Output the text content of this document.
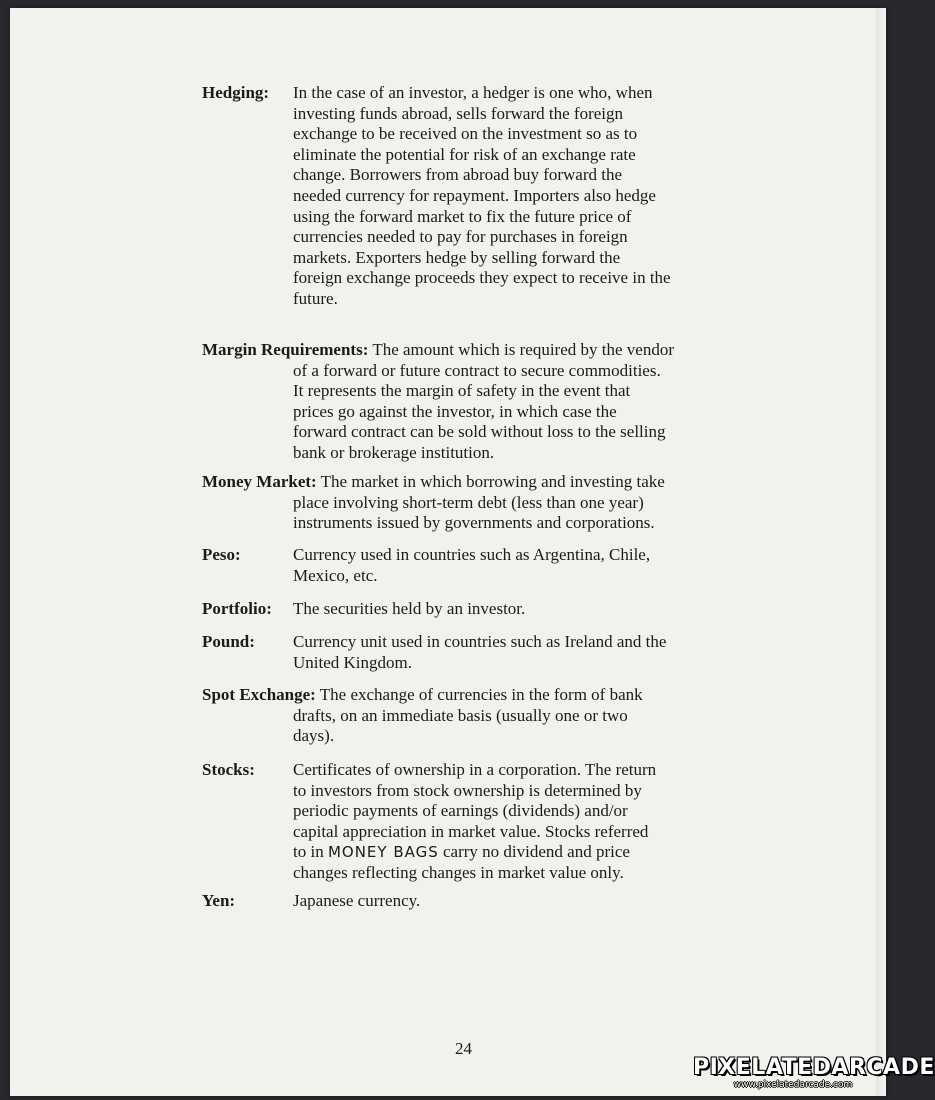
Hedging: In the case of an investor, a hedger is one who, when
investing funds abroad, sells forward the foreign
exchange to be received on the investment so as to
eliminate the potential for risk of an exchange rate
change. Borrowers from abroad buy forward the
needed currency for repayment. Importers also hedge
using the forward market to fix the future price of
currencies needed to pay for purchases in foreign
markets. Exporters hedge by selling forward the
foreign exchange proceeds they expect to receive in the
future.
Margin Requirements: The amount which is required by the vendor
of a forward or future contract to secure commodities.
It represents the margin of safety in the event that
prices go against the investor, in which case the
forward contract can be sold without loss to the selling
bank or brokerage institution.
Money Market: The market in which borrowing and investing take
place involving short-term debt (less than one year)
instruments issued by governments and corporations.
Peso:	Currency used in countries such as Argentina, Chile,
Mexico, etc.
Portfolio: The securities held by an investor.
Pound: Currency unit used in countries such as Ireland and the
United Kingdom.
Spot Exchange: The exchange of currencies in the form of bank
drafts, on an immediate basis (usually one or two
days).
Stocks: Certificates of ownership in a corporation. The return
to investors from stock ownership is determined by
periodic payments of earnings (dividends) and/or
capital appreciation in market value. Stocks referred
to in MONEY BAGS carry no dividend and price
changes reflecting changes in market value only.
Yen:	Japanese currency.
24
PIXELATEDARCADE
www.pixelatedarcade.com
